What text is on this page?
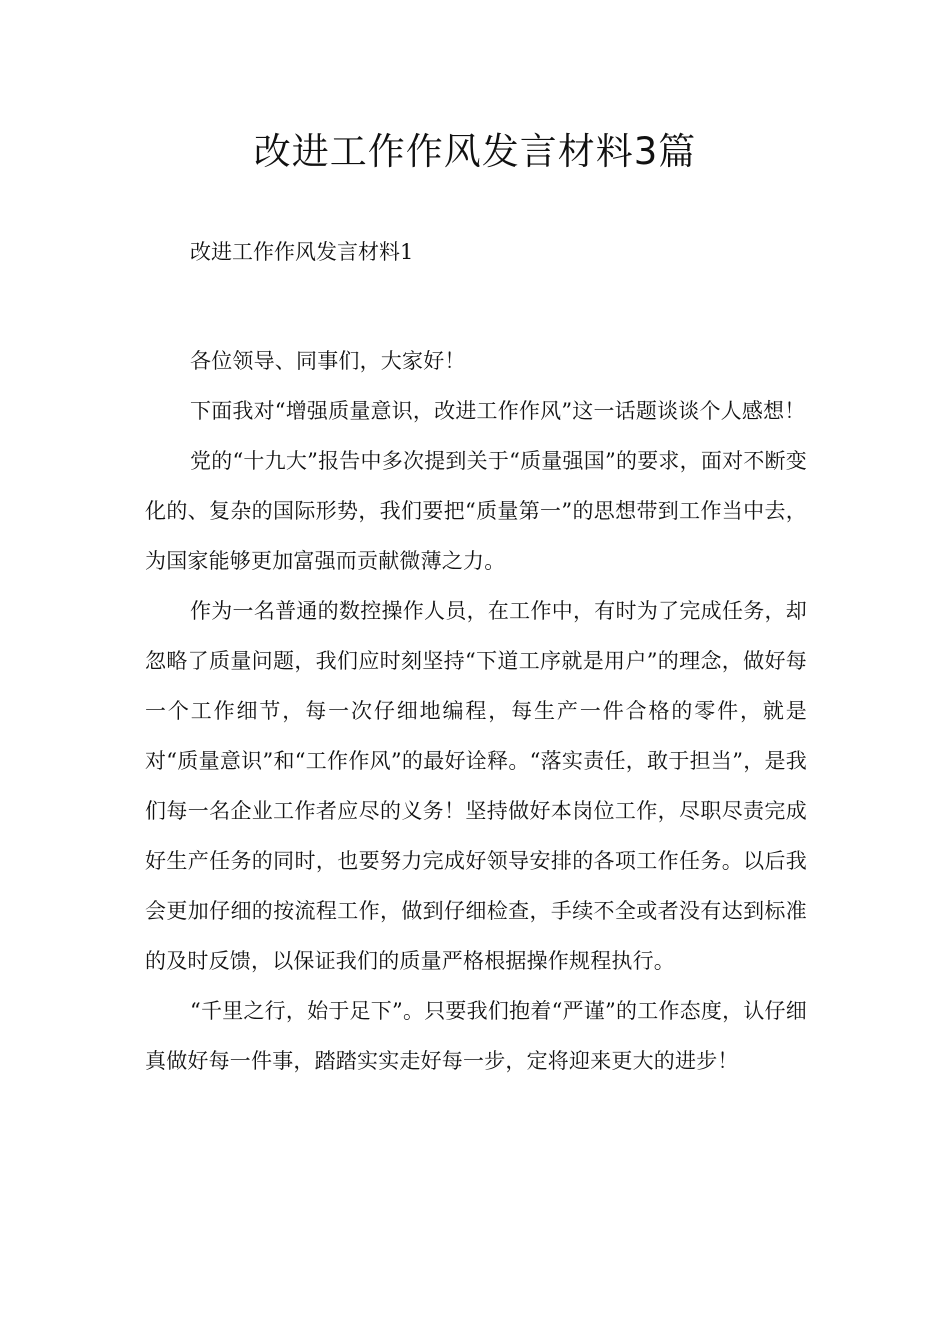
改进工作作风发言材料3篇

改进工作作风发言材料1

各位领导、同事们，大家好！

下面我对“增强质量意识，改进工作作风”这一话题谈谈个人感想！

党的“十九大”报告中多次提到关于“质量强国”的要求，面对不断变化的、复杂的国际形势，我们要把“质量第一”的思想带到工作当中去，为国家能够更加富强而贡献微薄之力。

作为一名普通的数控操作人员，在工作中，有时为了完成任务，却忽略了质量问题，我们应时刻坚持“下道工序就是用户”的理念，做好每一个工作细节，每一次仔细地编程，每生产一件合格的零件，就是对“质量意识”和“工作作风”的最好诠释。“落实责任，敢于担当”，是我们每一名企业工作者应尽的义务！坚持做好本岗位工作，尽职尽责完成好生产任务的同时，也要努力完成好领导安排的各项工作任务。以后我会更加仔细的按流程工作，做到仔细检查，手续不全或者没有达到标准的及时反馈，以保证我们的质量严格根据操作规程执行。

“千里之行，始于足下”。只要我们抱着“严谨”的工作态度，认仔细真做好每一件事，踏踏实实走好每一步，定将迎来更大的进步！
